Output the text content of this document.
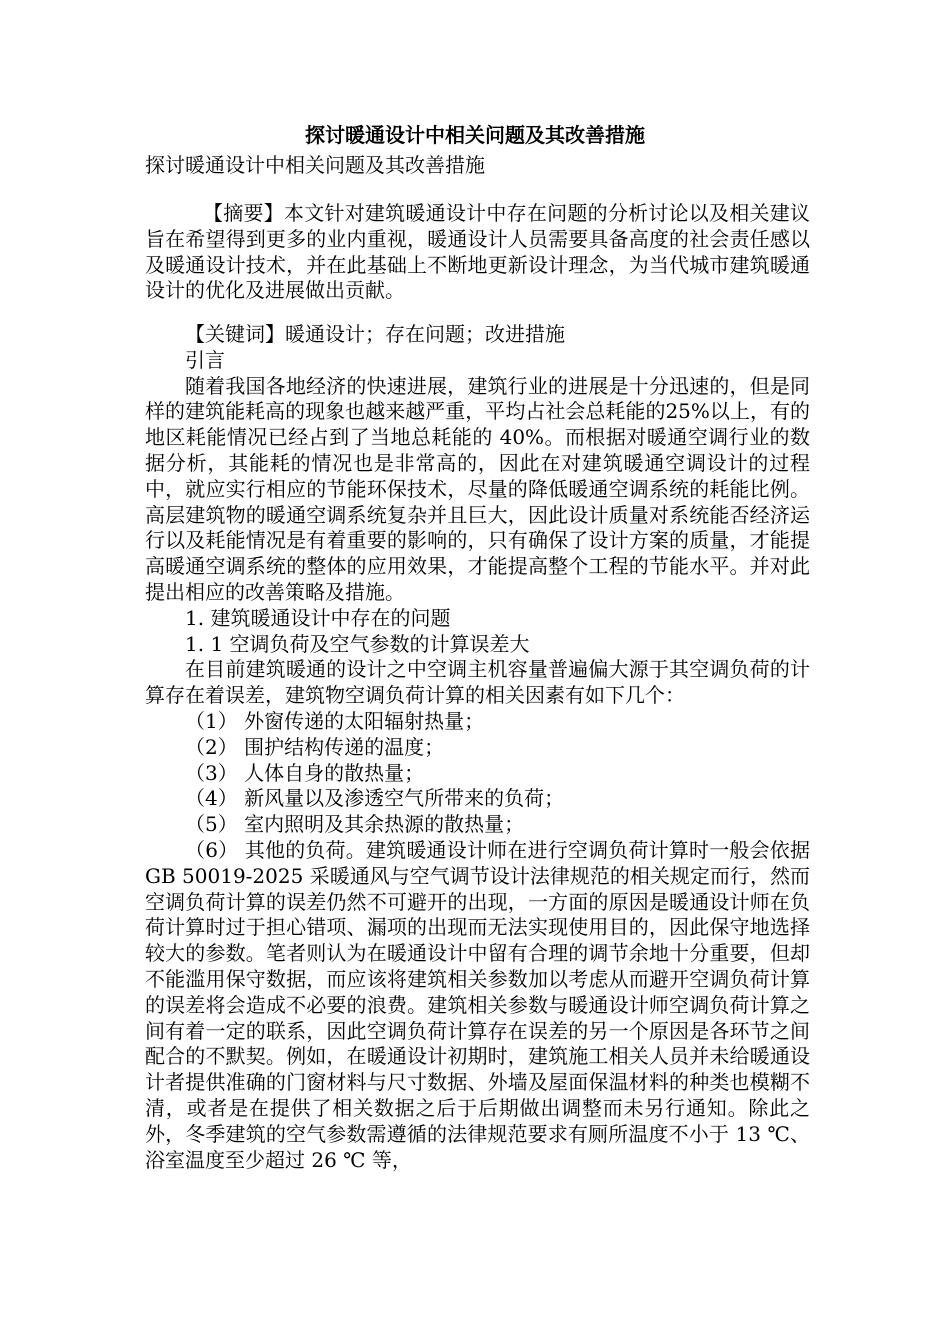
探讨暖通设计中相关问题及其改善措施
探讨暖通设计中相关问题及其改善措施

【摘要】本文针对建筑暖通设计中存在问题的分析讨论以及相关建议旨在希望得到更多的业内重视，暖通设计人员需要具备高度的社会责任感以及暖通设计技术，并在此基础上不断地更新设计理念，为当代城市建筑暖通设计的优化及进展做出贡献。

【关键词】暖通设计；存在问题；改进措施

引言

随着我国各地经济的快速进展，建筑行业的进展是十分迅速的，但是同样的建筑能耗高的现象也越来越严重，平均占社会总耗能的25%以上，有的地区耗能情况已经占到了当地总耗能的 40%。而根据对暖通空调行业的数据分析，其能耗的情况也是非常高的，因此在对建筑暖通空调设计的过程中，就应实行相应的节能环保技术，尽量的降低暖通空调系统的耗能比例。高层建筑物的暖通空调系统复杂并且巨大，因此设计质量对系统能否经济运行以及耗能情况是有着重要的影响的，只有确保了设计方案的质量，才能提高暖通空调系统的整体的应用效果，才能提高整个工程的节能水平。并对此提出相应的改善策略及措施。

1. 建筑暖通设计中存在的问题

1. 1 空调负荷及空气参数的计算误差大

在目前建筑暖通的设计之中空调主机容量普遍偏大源于其空调负荷的计算存在着误差，建筑物空调负荷计算的相关因素有如下几个：

（1） 外窗传递的太阳辐射热量；

（2） 围护结构传递的温度；

（3） 人体自身的散热量；

（4） 新风量以及渗透空气所带来的负荷；

（5） 室内照明及其余热源的散热量；

（6） 其他的负荷。建筑暖通设计师在进行空调负荷计算时一般会依据 GB 50019-2025 采暖通风与空气调节设计法律规范的相关规定而行，然而空调负荷计算的误差仍然不可避开的出现，一方面的原因是暖通设计师在负荷计算时过于担心错项、漏项的出现而无法实现使用目的，因此保守地选择较大的参数。笔者则认为在暖通设计中留有合理的调节余地十分重要，但却不能滥用保守数据，而应该将建筑相关参数加以考虑从而避开空调负荷计算的误差将会造成不必要的浪费。建筑相关参数与暖通设计师空调负荷计算之间有着一定的联系，因此空调负荷计算存在误差的另一个原因是各环节之间配合的不默契。例如，在暖通设计初期时，建筑施工相关人员并未给暖通设计者提供准确的门窗材料与尺寸数据、外墙及屋面保温材料的种类也模糊不清，或者是在提供了相关数据之后于后期做出调整而未另行通知。除此之外，冬季建筑的空气参数需遵循的法律规范要求有厕所温度不小于 13 ℃、浴室温度至少超过 26 ℃ 等，
